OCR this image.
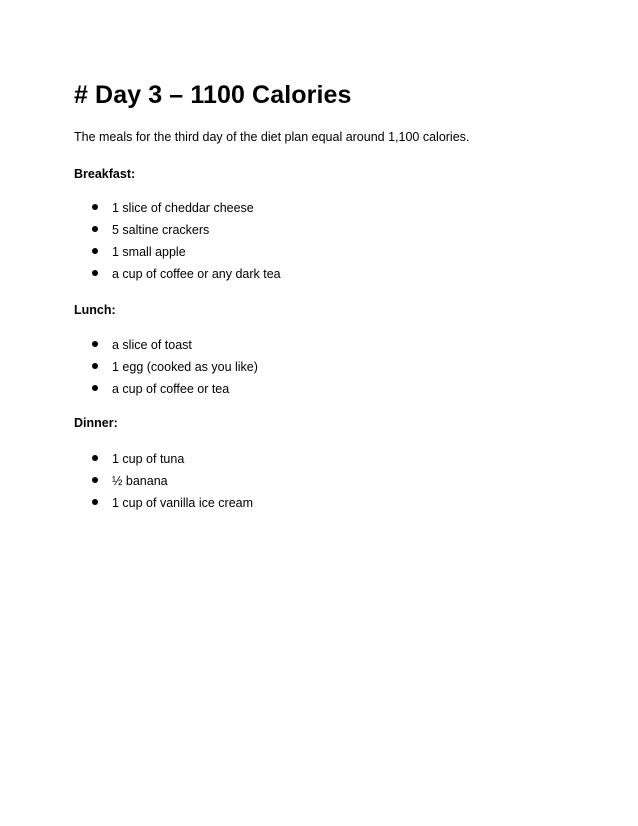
# Day 3 – 1100 Calories

The meals for the third day of the diet plan equal around 1,100 calories.

Breakfast:

1 slice of cheddar cheese
5 saltine crackers
1 small apple
a cup of coffee or any dark tea

Lunch:

a slice of toast
1 egg (cooked as you like)
a cup of coffee or tea

Dinner:

1 cup of tuna
½ banana
1 cup of vanilla ice cream
